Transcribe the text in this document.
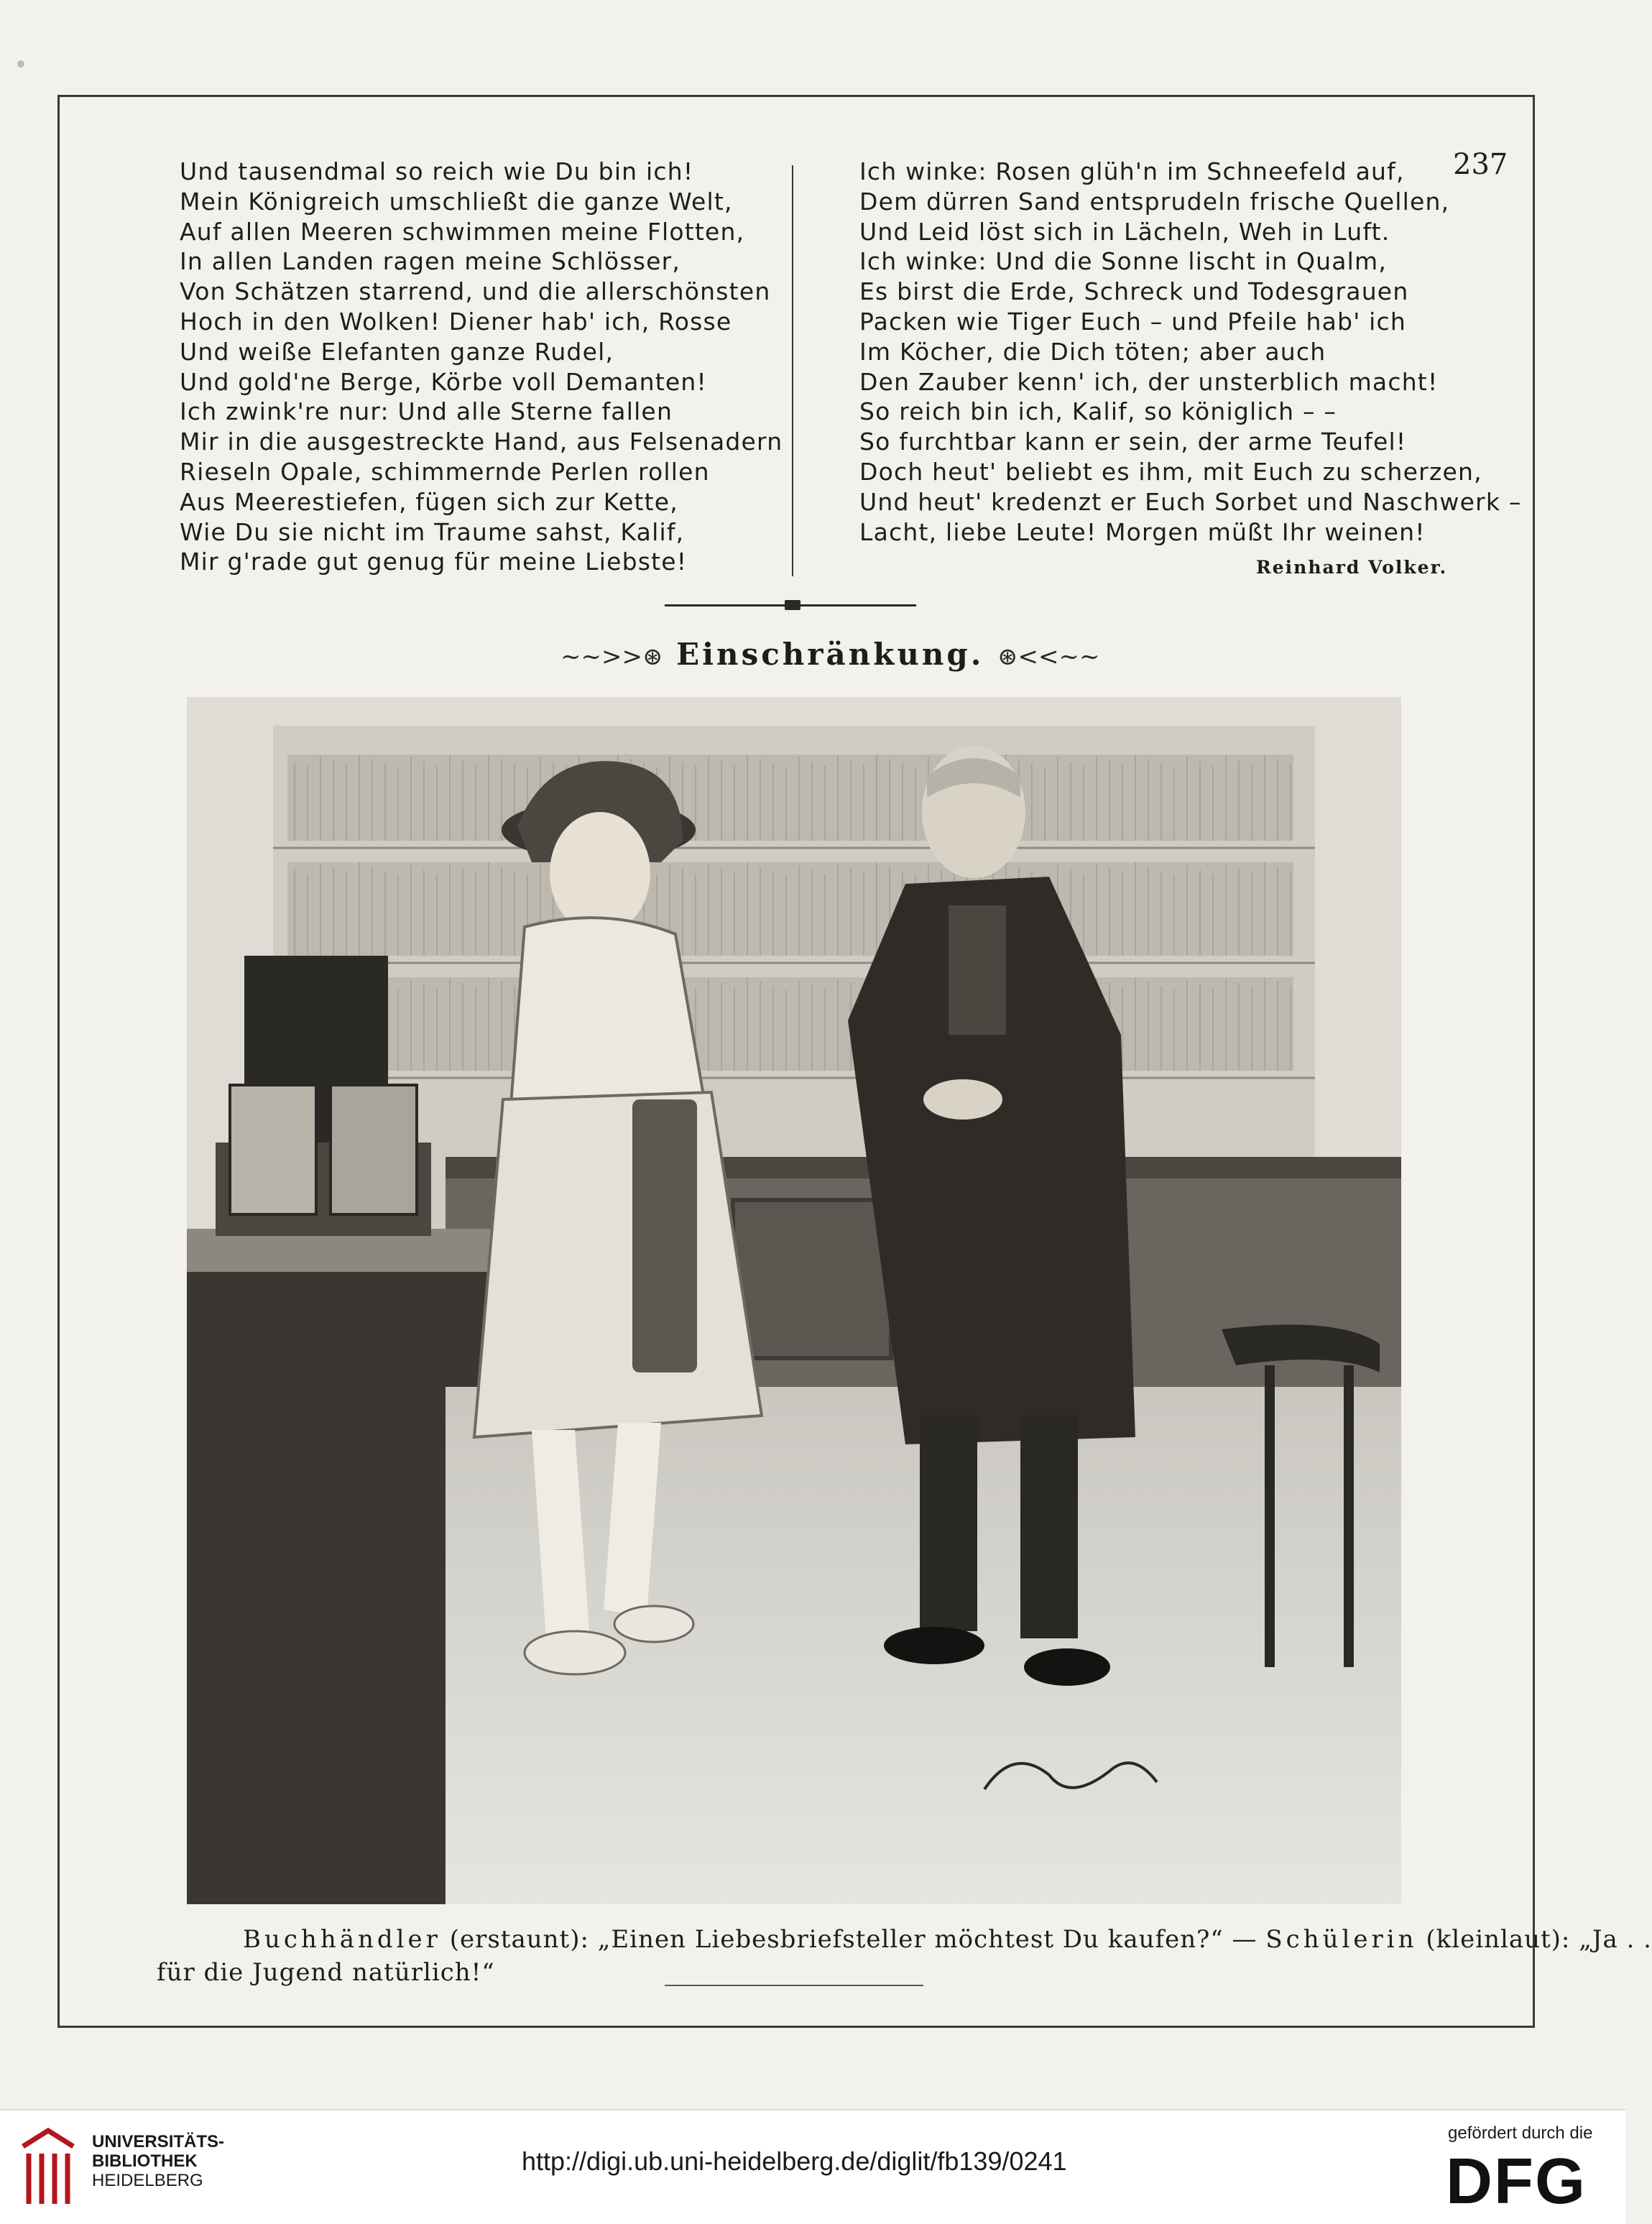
237
Und tausendmal so reich wie Du bin ich!
Mein Königreich umschließt die ganze Welt,
Auf allen Meeren schwimmen meine Flotten,
In allen Landen ragen meine Schlösser,
Von Schätzen starrend, und die allerschönsten
Hoch in den Wolken! Diener hab' ich, Rosse
Und weiße Elefanten ganze Rudel,
Und gold'ne Berge, Körbe voll Demanten!
Ich zwink're nur: Und alle Sterne fallen
Mir in die ausgestreckte Hand, aus Felsenadern
Rieseln Opale, schimmernde Perlen rollen
Aus Meerestiefen, fügen sich zur Kette,
Wie Du sie nicht im Traume sahst, Kalif,
Mir g'rade gut genug für meine Liebste!
Ich winke: Rosen glüh'n im Schneefeld auf,
Dem dürren Sand entsprudeln frische Quellen,
Und Leid löst sich in Lächeln, Weh in Luft.
Ich winke: Und die Sonne lischt in Qualm,
Es birst die Erde, Schreck und Todesgrauen
Packen wie Tiger Euch – und Pfeile hab' ich
Im Köcher, die Dich töten; aber auch
Den Zauber kenn' ich, der unsterblich macht!
So reich bin ich, Kalif, so königlich – –
So furchtbar kann er sein, der arme Teufel!
Doch heut' beliebt es ihm, mit Euch zu scherzen,
Und heut' kredenzt er Euch Sorbet und Naschwerk –
Lacht, liebe Leute! Morgen müßt Ihr weinen!
Reinhard Volker.
~~>>⊛ Einschränkung. ⊛<<~~
Buchhändler (erstaunt): „Einen Liebesbriefsteller möchtest Du kaufen?“ — Schülerin (kleinlaut): „Ja . .
für die Jugend natürlich!“
UNIVERSITÄTS-
BIBLIOTHEK
HEIDELBERG
http://digi.ub.uni-heidelberg.de/diglit/fb139/0241
gefördert durch die
DFG
